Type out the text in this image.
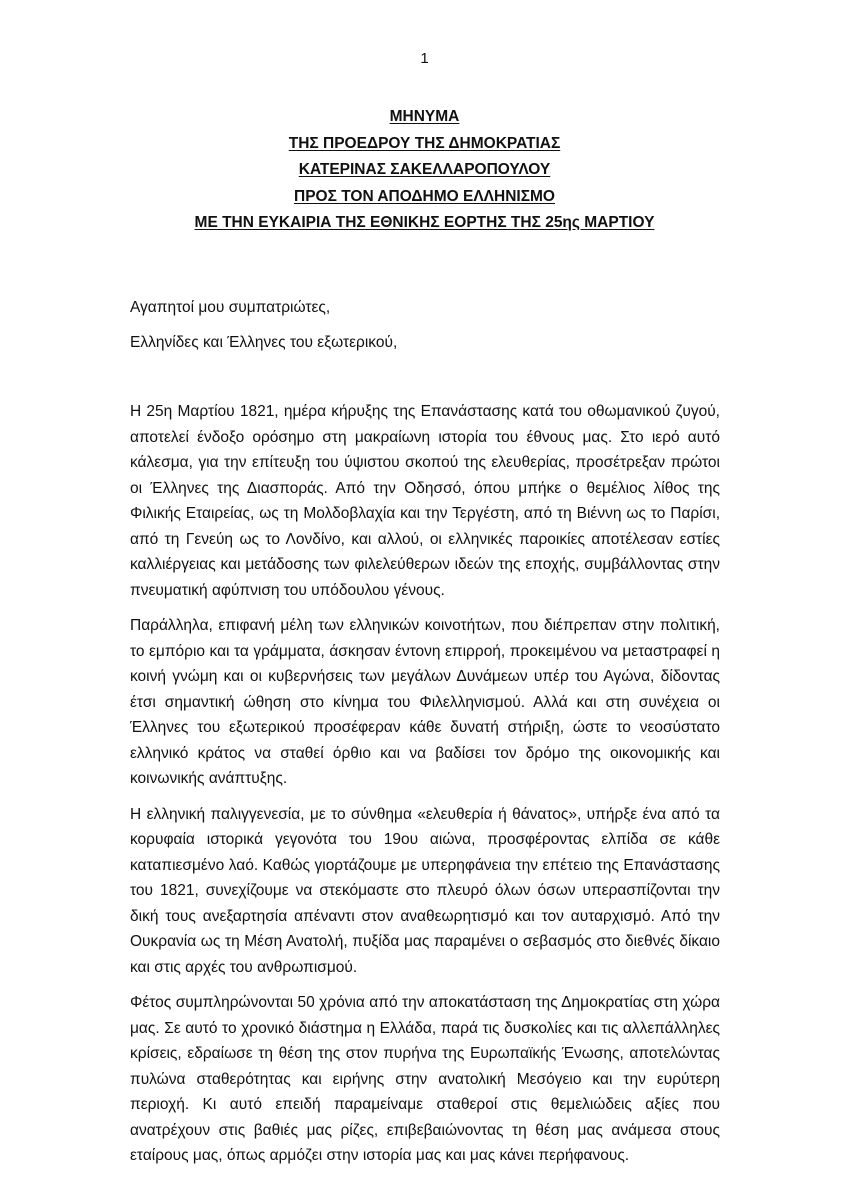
1
ΜΗΝΥΜΑ
ΤΗΣ ΠΡΟΕΔΡΟΥ ΤΗΣ ΔΗΜΟΚΡΑΤΙΑΣ
ΚΑΤΕΡΙΝΑΣ ΣΑΚΕΛΛΑΡΟΠΟΥΛΟΥ
ΠΡΟΣ ΤΟΝ ΑΠΟΔΗΜΟ ΕΛΛΗΝΙΣΜΟ
ΜΕ ΤΗΝ ΕΥΚΑΙΡΙΑ ΤΗΣ ΕΘΝΙΚΗΣ ΕΟΡΤΗΣ ΤΗΣ 25ης ΜΑΡΤΙΟΥ
Αγαπητοί μου συμπατριώτες,
Ελληνίδες και Έλληνες του εξωτερικού,

Η 25η Μαρτίου 1821, ημέρα κήρυξης της Επανάστασης κατά του οθωμανικού ζυγού, αποτελεί ένδοξο ορόσημο στη μακραίωνη ιστορία του έθνους μας. Στο ιερό αυτό κάλεσμα, για την επίτευξη του ύψιστου σκοπού της ελευθερίας, προσέτρεξαν πρώτοι οι Έλληνες της Διασποράς. Από την Οδησσό, όπου μπήκε ο θεμέλιος λίθος της Φιλικής Εταιρείας, ως τη Μολδοβλαχία και την Τεργέστη, από τη Βιέννη ως το Παρίσι, από τη Γενεύη ως το Λονδίνο, και αλλού, οι ελληνικές παροικίες αποτέλεσαν εστίες καλλιέργειας και μετάδοσης των φιλελεύθερων ιδεών της εποχής, συμβάλλοντας στην πνευματική αφύπνιση του υπόδουλου γένους.

Παράλληλα, επιφανή μέλη των ελληνικών κοινοτήτων, που διέπρεπαν στην πολιτική, το εμπόριο και τα γράμματα, άσκησαν έντονη επιρροή, προκειμένου να μεταστραφεί η κοινή γνώμη και οι κυβερνήσεις των μεγάλων Δυνάμεων υπέρ του Αγώνα, δίδοντας έτσι σημαντική ώθηση στο κίνημα του Φιλελληνισμού. Αλλά και στη συνέχεια οι Έλληνες του εξωτερικού προσέφεραν κάθε δυνατή στήριξη, ώστε το νεοσύστατο ελληνικό κράτος να σταθεί όρθιο και να βαδίσει τον δρόμο της οικονομικής και κοινωνικής ανάπτυξης.

Η ελληνική παλιγγενεσία, με το σύνθημα «ελευθερία ή θάνατος», υπήρξε ένα από τα κορυφαία ιστορικά γεγονότα του 19ου αιώνα, προσφέροντας ελπίδα σε κάθε καταπιεσμένο λαό. Καθώς γιορτάζουμε με υπερηφάνεια την επέτειο της Επανάστασης του 1821, συνεχίζουμε να στεκόμαστε στο πλευρό όλων όσων υπερασπίζονται την δική τους ανεξαρτησία απέναντι στον αναθεωρητισμό και τον αυταρχισμό. Από την Ουκρανία ως τη Μέση Ανατολή, πυξίδα μας παραμένει ο σεβασμός στο διεθνές δίκαιο και στις αρχές του ανθρωπισμού.

Φέτος συμπληρώνονται 50 χρόνια από την αποκατάσταση της Δημοκρατίας στη χώρα μας. Σε αυτό το χρονικό διάστημα η Ελλάδα, παρά τις δυσκολίες και τις αλλεπάλληλες κρίσεις, εδραίωσε τη θέση της στον πυρήνα της Ευρωπαϊκής Ένωσης, αποτελώντας πυλώνα σταθερότητας και ειρήνης στην ανατολική Μεσόγειο και την ευρύτερη περιοχή. Κι αυτό επειδή παραμείναμε σταθεροί στις θεμελιώδεις αξίες που ανατρέχουν στις βαθιές μας ρίζες, επιβεβαιώνοντας τη θέση μας ανάμεσα στους εταίρους μας, όπως αρμόζει στην ιστορία μας και μας κάνει περήφανους.
